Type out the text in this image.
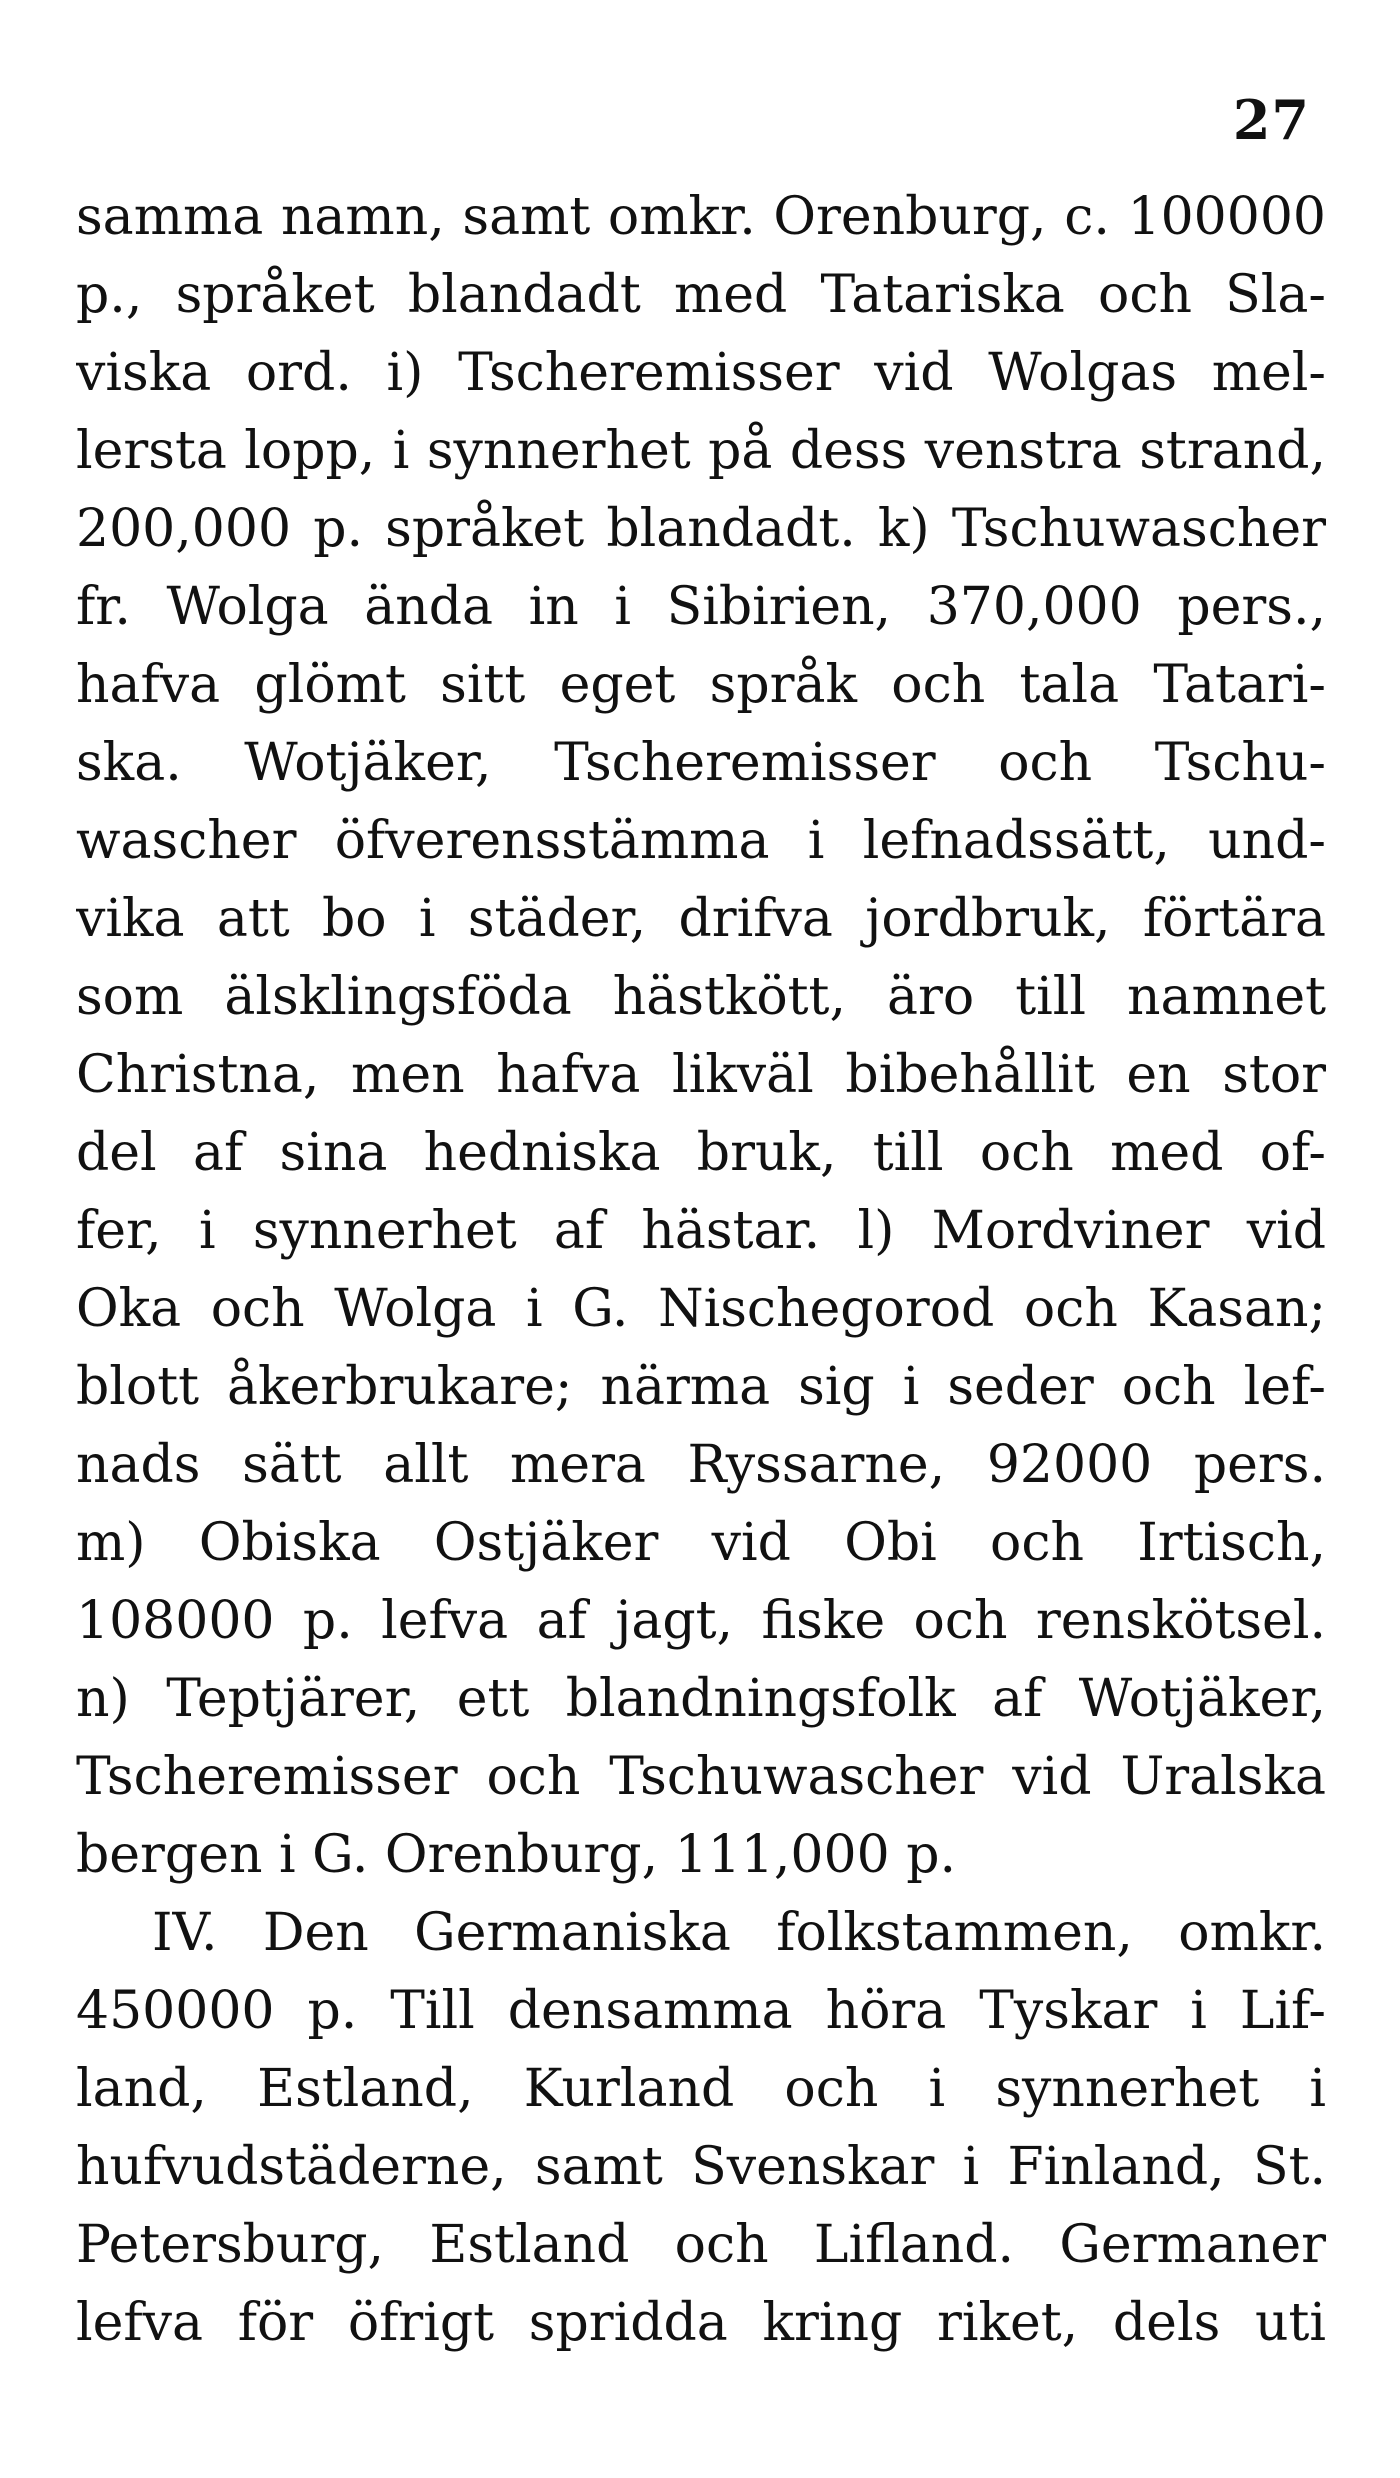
27
samma namn, samt omkr. Orenburg, c. 100000
p., språket blandadt med Tatariska och Sla-
viska ord. i) Tscheremisser vid Wolgas mel-
lersta lopp, i synnerhet på dess venstra strand,
200,000 p. språket blandadt. k) Tschuwascher
fr. Wolga ända in i Sibirien, 370,000 pers.,
hafva glömt sitt eget språk och tala Tatari-
ska. Wotjäker, Tscheremisser och Tschu-
wascher öfverensstämma i lefnadssätt, und-
vika att bo i städer, drifva jordbruk, förtära
som älsklingsföda hästkött, äro till namnet
Christna, men hafva likväl bibehållit en stor
del af sina hedniska bruk, till och med of-
fer, i synnerhet af hästar. l) Mordviner vid
Oka och Wolga i G. Nischegorod och Kasan;
blott åkerbrukare; närma sig i seder och lef-
nads sätt allt mera Ryssarne, 92000 pers.
m) Obiska Ostjäker vid Obi och Irtisch,
108000 p. lefva af jagt, fiske och renskötsel.
n) Teptjärer, ett blandningsfolk af Wotjäker,
Tscheremisser och Tschuwascher vid Uralska
bergen i G. Orenburg, 111,000 p.
IV. Den Germaniska folkstammen, omkr.
450000 p. Till densamma höra Tyskar i Lif-
land, Estland, Kurland och i synnerhet i
hufvudstäderne, samt Svenskar i Finland, St.
Petersburg, Estland och Lifland. Germaner
lefva för öfrigt spridda kring riket, dels uti
